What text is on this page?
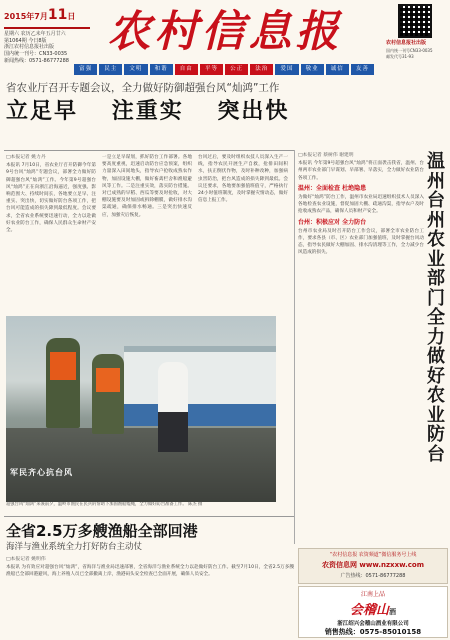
2015年7月11日
星期六 农历乙未年五月廿六
第1064期 今日8版
浙江农村信息报社出版
国内统一刊号：CN33-0035
新闻热线：0571-86777288
农村信息报	农村信息报社出版
国内统一刊号CN33-0035
邮发代号31-93
富强	民主	文明	和谐	自由	平等	公正	法治	爱国	敬业	诚信	友善
省农业厅召开专题会议，全力做好防御超强台风“灿鸿”工作
立足早 注重实 突出快
□本报记者 姚力丹
本报讯 7月10日，省农业厅召开防御今年第9号台风“灿鸿”专题会议，部署全力做好防御超强台风“灿鸿”工作。今年第9号超强台风“灿鸿”正在向浙江沿海逼近，强度强、影响范围大、持续时间长，各地要立足早、注重实、突出快，切实做好防台各项工作，把台风可能造成的损失降到最低程度。会议要求，全省农业系统要迅速行动，全力以赴做好农业防台工作，确保人民群众生命财产安全。
一是立足早谋划，抓好防台工作部署。各地要高度重视，迅速启动防台应急预案，组织力量深入田间地头，指导农户抢收成熟农作物，加固设施大棚，做好畜禽栏舍和渔船避风等工作。二是注重实效，落实防台措施。对已成熟的早稻、西瓜等要及时抢收，对大棚设施要及时加固或拆除棚膜，做好排水沟渠疏通，确保排水畅通。三是突出快速反应，加强灾后恢复。
台风过后，要及时组织农技人员深入生产一线，指导农民开展生产自救，抢排田间积水，扶正倒伏作物，及时补种改种，加强病虫害防治，把台风造成的损失降到最低。会议还要求，各地要加强值班值守，严格执行24小时值班制度，及时掌握灾情动态，做好信息上报工作。
军民齐心抗台风
超强台风“灿鸿”来袭前夕，温岭市渔民在民兵的帮助下加固渔船缆绳，全力做好防台准备工作。 陈杰 摄
全省2.5万多艘渔船全部回港
海洋与渔业系统全力打好防台主动仗
□本报记者 姚明伟
本报讯 为有效应对超强台风“灿鸿”，省海洋与渔业局迅速部署，全省海洋与渔业系统全力以赴做好防台工作。截至7月10日，全省2.5万多艘渔船已全部回港避风，海上养殖人员已全部撤离上岸，渔港码头安全检查已全面开展，确保人员安全。
□本报记者 蔡树伟 谢建明
本报讯 今年第9号超强台风“灿鸿”将正面袭击我省，温州、台州两市农业部门早谋划、早部署、早落实，全力做好农业防台各项工作。
温州：全面检查 杜绝隐患
为做好“灿鸿”防台工作，温州市农业局迅速组织技术人员深入各地检查农业设施，督促加固大棚、疏通沟渠，指导农户及时抢收成熟农产品，确保人员和财产安全。
台州：积极应对 全力防台
台州市农业局及时召开防台工作会议，部署全市农业防台工作，要求各县（市、区）农业部门加强值班，及时掌握台风动态，指导农民做好大棚加固、排水沟清理等工作，全力减少台风造成的损失。
温州台州农业部门全力做好农业防台
“农村信息报 农资频道”微信服务号上线
农资信息网 www.nzxxw.com
广告热线：0571-86777288
江南上品
会稽山酒
浙江绍兴会稽山酒业有限公司
销售热线：0575-85010158
